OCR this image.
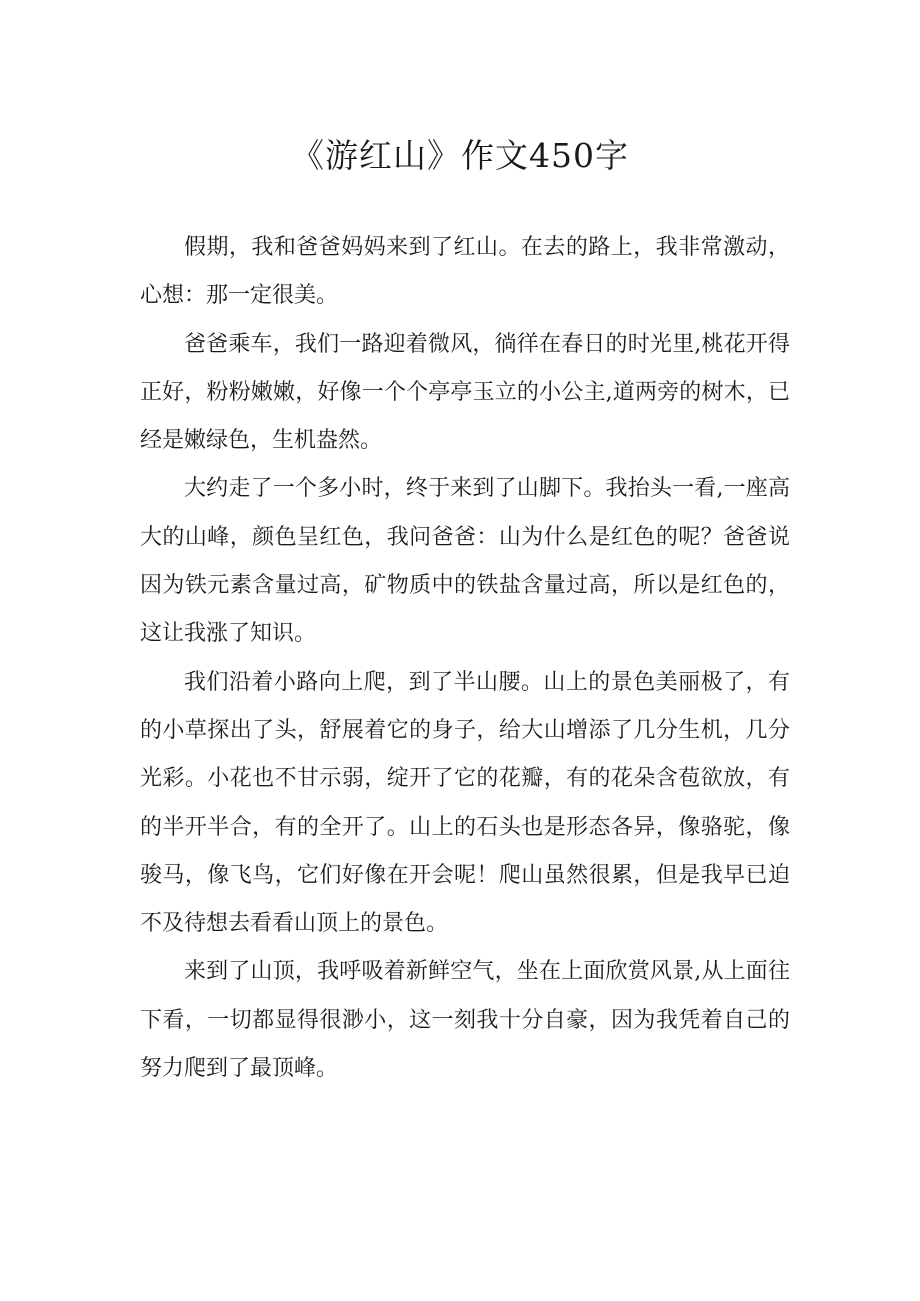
《游红山》作文450字

假期，我和爸爸妈妈来到了红山。在去的路上，我非常激动，心想：那一定很美。

爸爸乘车，我们一路迎着微风，徜徉在春日的时光里,桃花开得正好，粉粉嫩嫩，好像一个个亭亭玉立的小公主,道两旁的树木，已经是嫩绿色，生机盎然。

大约走了一个多小时，终于来到了山脚下。我抬头一看,一座高大的山峰，颜色呈红色，我问爸爸：山为什么是红色的呢？爸爸说因为铁元素含量过高，矿物质中的铁盐含量过高，所以是红色的，这让我涨了知识。

我们沿着小路向上爬，到了半山腰。山上的景色美丽极了，有的小草探出了头，舒展着它的身子，给大山增添了几分生机，几分光彩。小花也不甘示弱，绽开了它的花瓣，有的花朵含苞欲放，有的半开半合，有的全开了。山上的石头也是形态各异，像骆驼，像骏马，像飞鸟，它们好像在开会呢！爬山虽然很累，但是我早已迫不及待想去看看山顶上的景色。

来到了山顶，我呼吸着新鲜空气，坐在上面欣赏风景,从上面往下看，一切都显得很渺小，这一刻我十分自豪，因为我凭着自己的努力爬到了最顶峰。
